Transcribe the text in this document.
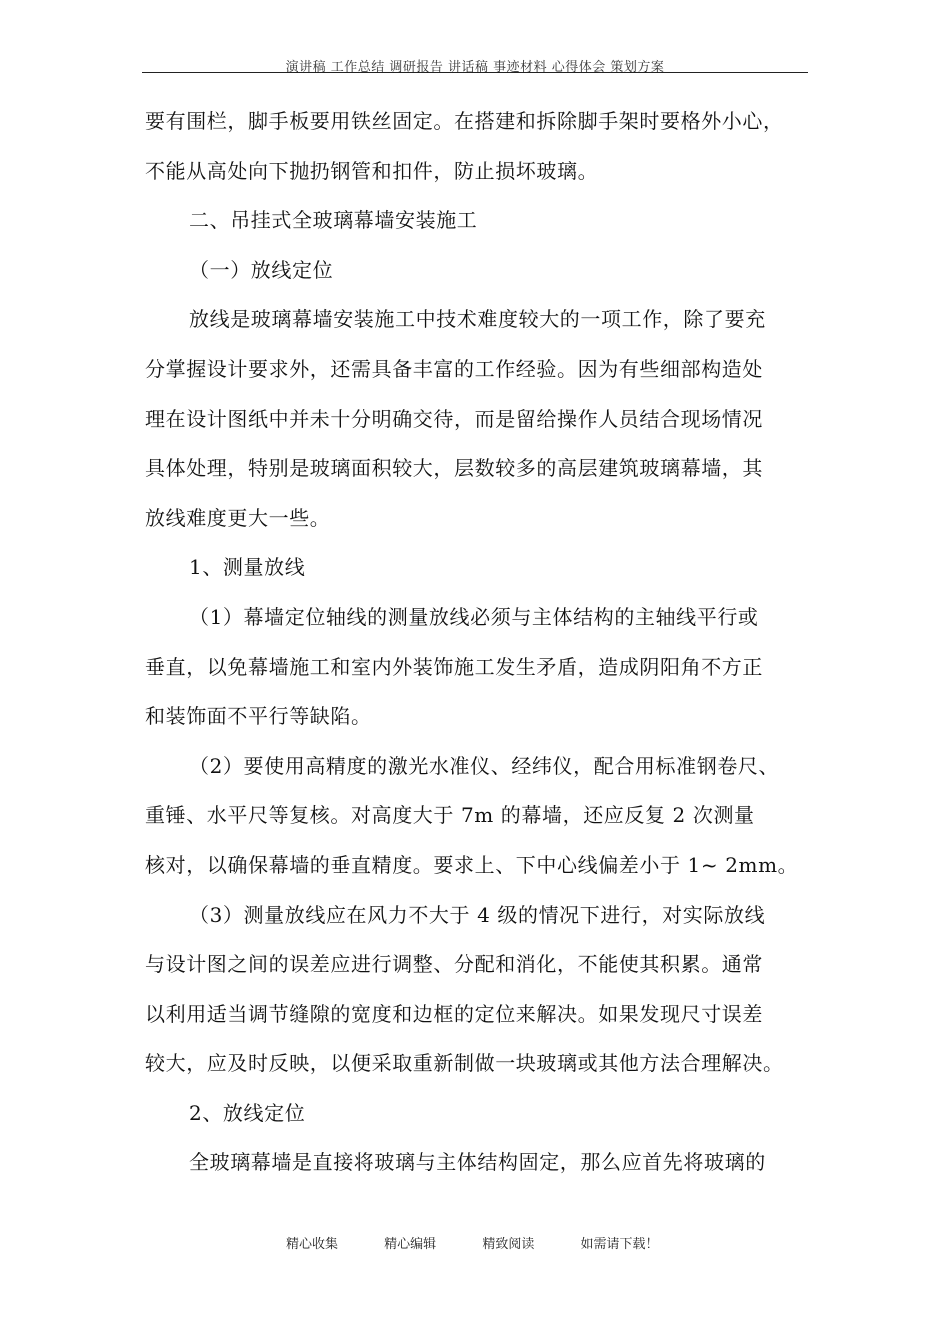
演讲稿 工作总结 调研报告 讲话稿 事迹材料 心得体会 策划方案
要有围栏，脚手板要用铁丝固定。在搭建和拆除脚手架时要格外小心，
不能从高处向下抛扔钢管和扣件，防止损坏玻璃。
二、吊挂式全玻璃幕墙安装施工
（一）放线定位
放线是玻璃幕墙安装施工中技术难度较大的一项工作，除了要充
分掌握设计要求外，还需具备丰富的工作经验。因为有些细部构造处
理在设计图纸中并未十分明确交待，而是留给操作人员结合现场情况
具体处理，特别是玻璃面积较大，层数较多的高层建筑玻璃幕墙，其
放线难度更大一些。
1、测量放线
（1）幕墙定位轴线的测量放线必须与主体结构的主轴线平行或
垂直，以免幕墙施工和室内外装饰施工发生矛盾，造成阴阳角不方正
和装饰面不平行等缺陷。
（2）要使用高精度的激光水准仪、经纬仪，配合用标准钢卷尺、
重锤、水平尺等复核。对高度大于 7m 的幕墙，还应反复 2 次测量
核对，以确保幕墙的垂直精度。要求上、下中心线偏差小于 1~ 2mm。
（3）测量放线应在风力不大于 4 级的情况下进行，对实际放线
与设计图之间的误差应进行调整、分配和消化，不能使其积累。通常
以利用适当调节缝隙的宽度和边框的定位来解决。如果发现尺寸误差
较大，应及时反映，以便采取重新制做一块玻璃或其他方法合理解决。
2、放线定位
全玻璃幕墙是直接将玻璃与主体结构固定，那么应首先将玻璃的
精心收集	精心编辑	精致阅读	如需请下载！
